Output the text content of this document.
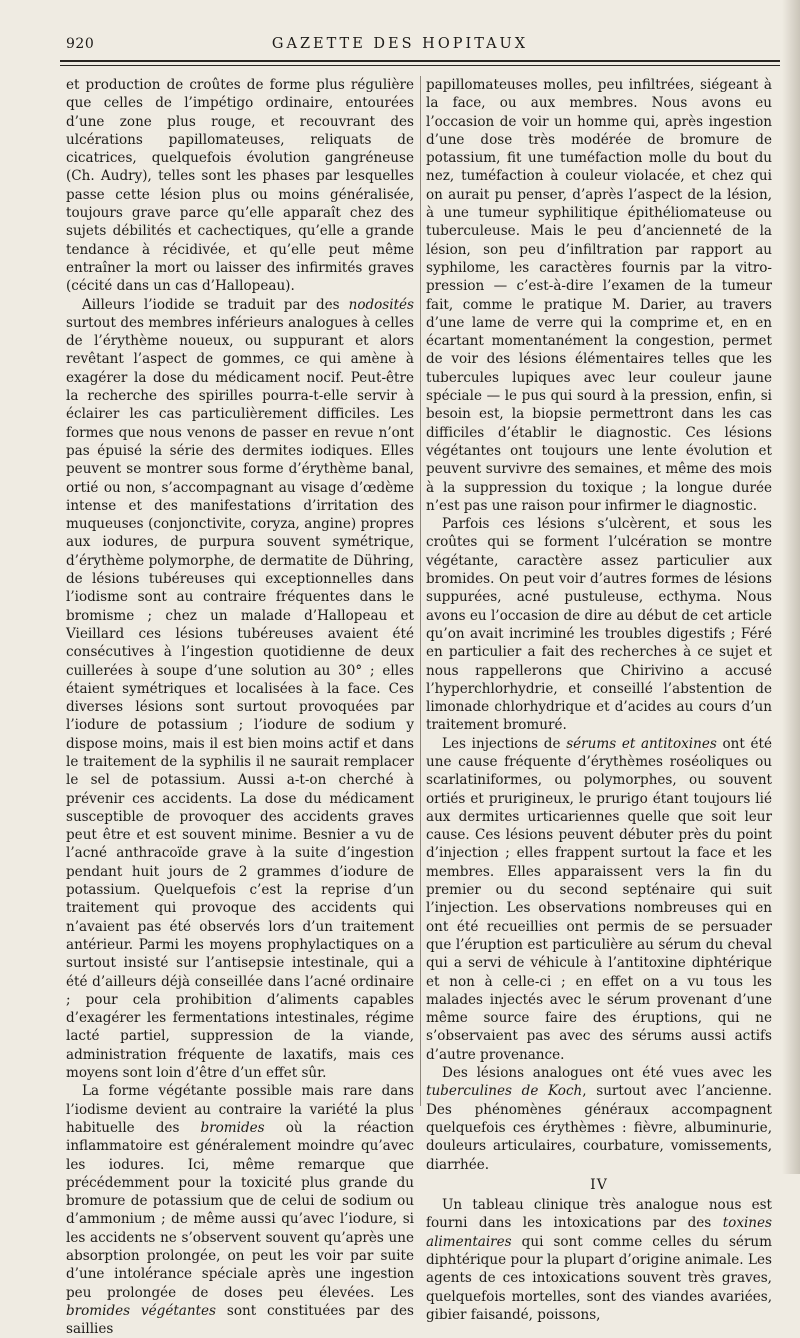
920	GAZETTE DES HOPITAUX

et production de croûtes de forme plus régulière que celles de l’impétigo ordinaire, entourées d’une zone plus rouge, et recouvrant des ulcérations papillomateuses, reliquats de cicatrices, quelquefois évolution gangréneuse (Ch. Audry), telles sont les phases par lesquelles passe cette lésion plus ou moins généralisée, toujours grave parce qu’elle apparaît chez des sujets débilités et cachectiques, qu’elle a grande tendance à récidivée, et qu’elle peut même entraîner la mort ou laisser des infirmités graves (cécité dans un cas d’Hallopeau).

Ailleurs l’iodide se traduit par des nodosités surtout des membres inférieurs analogues à celles de l’érythème noueux, ou suppurant et alors revêtant l’aspect de gommes, ce qui amène à exagérer la dose du médicament nocif. Peut-être la recherche des spirilles pourra-t-elle servir à éclairer les cas particulièrement difficiles. Les formes que nous venons de passer en revue n’ont pas épuisé la série des dermites iodiques. Elles peuvent se montrer sous forme d’érythème banal, ortié ou non, s’accompagnant au visage d’œdème intense et des manifestations d’irritation des muqueuses (conjonctivite, coryza, angine) propres aux iodures, de purpura souvent symétrique, d’érythème polymorphe, de dermatite de Dühring, de lésions tubéreuses qui exceptionnelles dans l’iodisme sont au contraire fréquentes dans le bromisme ; chez un malade d’Hallopeau et Vieillard ces lésions tubéreuses avaient été consécutives à l’ingestion quotidienne de deux cuillerées à soupe d’une solution au 30° ; elles étaient symétriques et localisées à la face. Ces diverses lésions sont surtout provoquées par l’iodure de potassium ; l’iodure de sodium y dispose moins, mais il est bien moins actif et dans le traitement de la syphilis il ne saurait remplacer le sel de potassium. Aussi a-t-on cherché à prévenir ces accidents. La dose du médicament susceptible de provoquer des accidents graves peut être et est souvent minime. Besnier a vu de l’acné anthracoïde grave à la suite d’ingestion pendant huit jours de 2 grammes d’iodure de potassium. Quelquefois c’est la reprise d’un traitement qui provoque des accidents qui n’avaient pas été observés lors d’un traitement antérieur. Parmi les moyens prophylactiques on a surtout insisté sur l’antisepsie intestinale, qui a été d’ailleurs déjà conseillée dans l’acné ordinaire ; pour cela prohibition d’aliments capables d’exagérer les fermentations intestinales, régime lacté partiel, suppression de la viande, administration fréquente de laxatifs, mais ces moyens sont loin d’être d’un effet sûr.

La forme végétante possible mais rare dans l’iodisme devient au contraire la variété la plus habituelle des bromides où la réaction inflammatoire est généralement moindre qu’avec les iodures. Ici, même remarque que précédemment pour la toxicité plus grande du bromure de potassium que de celui de sodium ou d’ammonium ; de même aussi qu’avec l’iodure, si les accidents ne s’observent souvent qu’après une absorption prolongée, on peut les voir par suite d’une intolérance spéciale après une ingestion peu prolongée de doses peu élevées. Les bromides végétantes sont constituées par des saillies

papillomateuses molles, peu infiltrées, siégeant à la face, ou aux membres. Nous avons eu l’occasion de voir un homme qui, après ingestion d’une dose très modérée de bromure de potassium, fit une tuméfaction molle du bout du nez, tuméfaction à couleur violacée, et chez qui on aurait pu penser, d’après l’aspect de la lésion, à une tumeur syphilitique épithéliomateuse ou tuberculeuse. Mais le peu d’ancienneté de la lésion, son peu d’infiltration par rapport au syphilome, les caractères fournis par la vitro-pression — c’est-à-dire l’examen de la tumeur fait, comme le pratique M. Darier, au travers d’une lame de verre qui la comprime et, en en écartant momentanément la congestion, permet de voir des lésions élémentaires telles que les tubercules lupiques avec leur couleur jaune spéciale — le pus qui sourd à la pression, enfin, si besoin est, la biopsie permettront dans les cas difficiles d’établir le diagnostic. Ces lésions végétantes ont toujours une lente évolution et peuvent survivre des semaines, et même des mois à la suppression du toxique ; la longue durée n’est pas une raison pour infirmer le diagnostic.

Parfois ces lésions s’ulcèrent, et sous les croûtes qui se forment l’ulcération se montre végétante, caractère assez particulier aux bromides. On peut voir d’autres formes de lésions suppurées, acné pustuleuse, ecthyma. Nous avons eu l’occasion de dire au début de cet article qu’on avait incriminé les troubles digestifs ; Féré en particulier a fait des recherches à ce sujet et nous rappellerons que Chirivino a accusé l’hyperchlorhydrie, et conseillé l’abstention de limonade chlorhydrique et d’acides au cours d’un traitement bromuré.

Les injections de sérums et antitoxines ont été une cause fréquente d’érythèmes roséoliques ou scarlatiniformes, ou polymorphes, ou souvent ortiés et prurigineux, le prurigo étant toujours lié aux dermites urticariennes quelle que soit leur cause. Ces lésions peuvent débuter près du point d’injection ; elles frappent surtout la face et les membres. Elles apparaissent vers la fin du premier ou du second septénaire qui suit l’injection. Les observations nombreuses qui en ont été recueillies ont permis de se persuader que l’éruption est particulière au sérum du cheval qui a servi de véhicule à l’antitoxine diphtérique et non à celle-ci ; en effet on a vu tous les malades injectés avec le sérum provenant d’une même source faire des éruptions, qui ne s’observaient pas avec des sérums aussi actifs d’autre provenance.

Des lésions analogues ont été vues avec les tuberculines de Koch, surtout avec l’ancienne. Des phénomènes généraux accompagnent quelquefois ces érythèmes : fièvre, albuminurie, douleurs articulaires, courbature, vomissements, diarrhée.

IV

Un tableau clinique très analogue nous est fourni dans les intoxications par des toxines alimentaires qui sont comme celles du sérum diphtérique pour la plupart d’origine animale. Les agents de ces intoxications souvent très graves, quelquefois mortelles, sont des viandes avariées, gibier faisandé, poissons,
